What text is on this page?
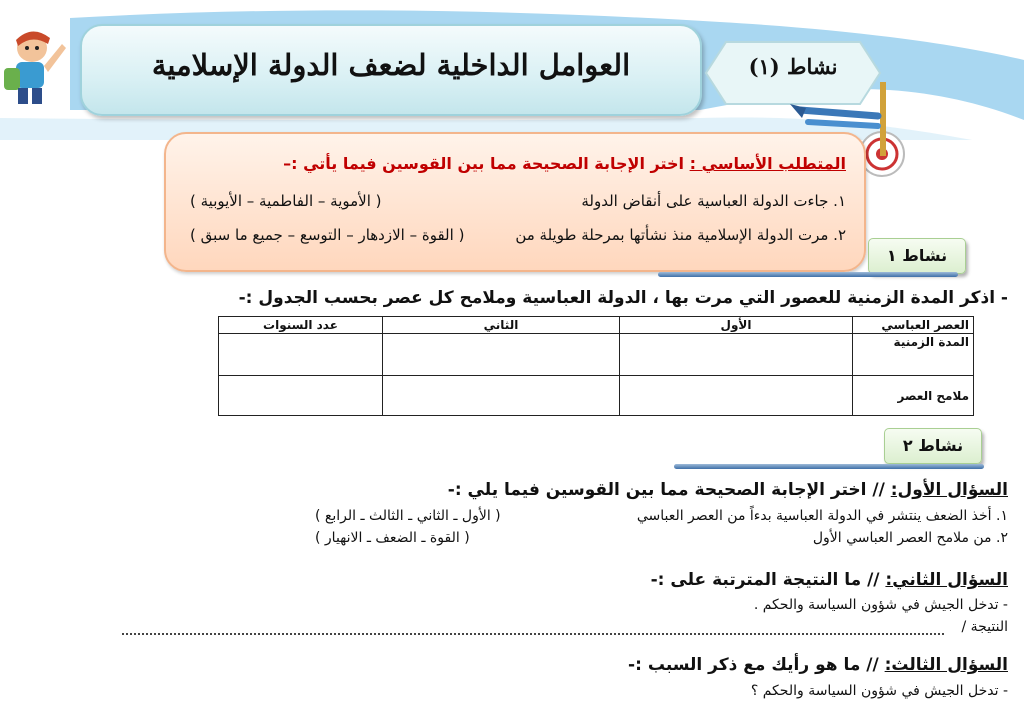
العوامل الداخلية لضعف الدولة الإسلامية	نشاط (١)
المتطلب الأساسي : اختر الإجابة الصحيحة مما بين القوسين فيما يأتي :–
١. جاءت الدولة العباسية على أنقاض الدولة
( الأموية – الفاطمية – الأيوبية )
٢. مرت الدولة الإسلامية منذ نشأتها بمرحلة طويلة من
( القوة – الازدهار – التوسع – جميع ما سبق )
نشاط ١
- اذكر المدة الزمنية للعصور التي مرت بها ، الدولة العباسية وملامح كل عصر بحسب الجدول :-
العصر العباسي	الأول	الثاني	عدد السنوات
المدة الزمنية			
ملامح العصر			
نشاط ٢
السؤال الأول: // اختر الإجابة الصحيحة مما بين القوسين فيما يلي :-
١. أخذ الضعف ينتشر في الدولة العباسية بدءاً من العصر العباسي
( الأول ـ الثاني ـ الثالث ـ الرابع )
٢. من ملامح العصر العباسي الأول
( القوة ـ الضعف ـ الانهيار )
السؤال الثاني: // ما النتيجة المترتبة على :-
- تدخل الجيش في شؤون السياسة والحكم .
النتيجة /
السؤال الثالث: // ما هو رأيك مع ذكر السبب :-
- تدخل الجيش في شؤون السياسة والحكم ؟
